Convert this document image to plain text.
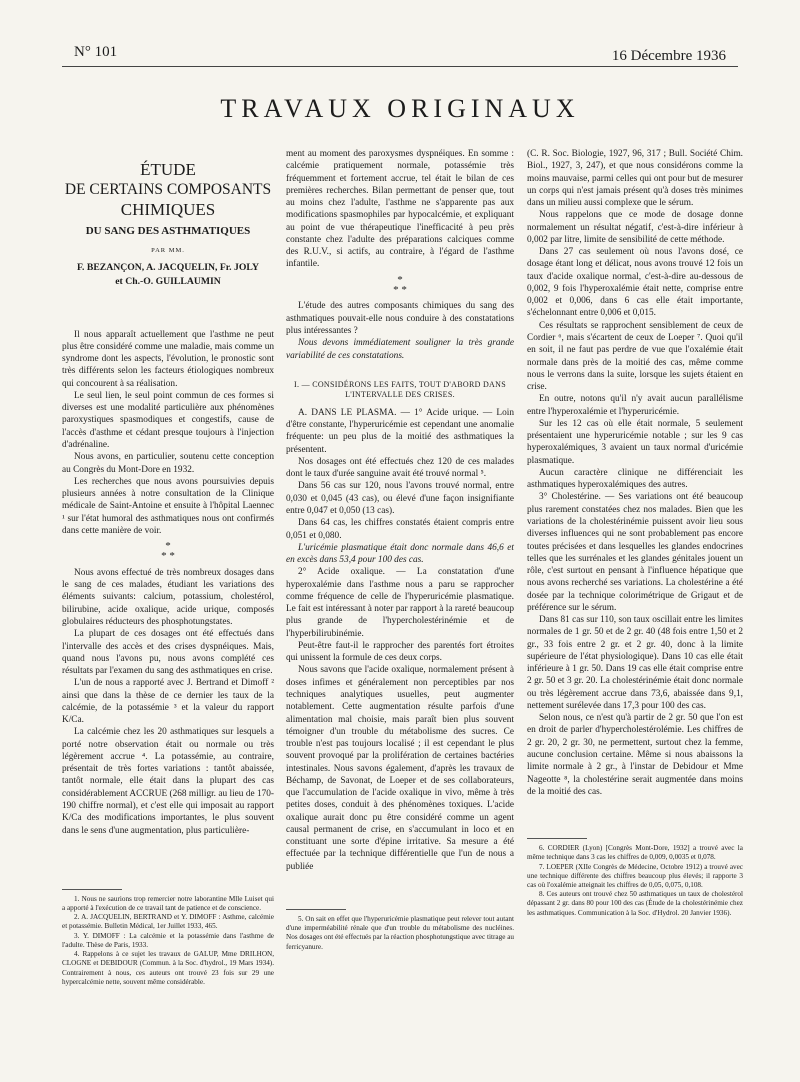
N° 101	16 Décembre 1936
TRAVAUX ORIGINAUX
ÉTUDE
DE CERTAINS COMPOSANTS
CHIMIQUES
DU SANG DES ASTHMATIQUES
PAR MM.
F. BEZANÇON, A. JACQUELIN, Fr. JOLY
et Ch.-O. GUILLAUMIN

Il nous apparaît actuellement que l'asthme ne peut plus être considéré comme une maladie, mais comme un syndrome dont les aspects, l'évolution, le pronostic sont très différents selon les facteurs étiologiques nombreux qui concourent à sa réalisation.

Le seul lien, le seul point commun de ces formes si diverses est une modalité particulière aux phénomènes paroxystiques spasmodiques et congestifs, cause de l'accès d'asthme et cédant presque toujours à l'injection d'adrénaline.

Nous avons, en particulier, soutenu cette conception au Congrès du Mont-Dore en 1932.

Les recherches que nous avons poursuivies depuis plusieurs années à notre consultation de la Clinique médicale de Saint-Antoine et ensuite à l'hôpital Laennec ¹ sur l'état humoral des asthmatiques nous ont confirmés dans cette manière de voir.

*
* *

Nous avons effectué de très nombreux dosages dans le sang de ces malades, étudiant les variations des éléments suivants: calcium, potassium, cholestérol, bilirubine, acide oxalique, acide urique, composés globulaires réducteurs des phosphotungstates.

La plupart de ces dosages ont été effectués dans l'intervalle des accès et des crises dyspnéiques. Mais, quand nous l'avons pu, nous avons complété ces résultats par l'examen du sang des asthmatiques en crise.

L'un de nous a rapporté avec J. Bertrand et Dimoff ² ainsi que dans la thèse de ce dernier les taux de la calcémie, de la potassémie ³ et la valeur du rapport K/Ca.

La calcémie chez les 20 asthmatiques sur lesquels a porté notre observation était ou normale ou très légèrement accrue ⁴. La potassémie, au contraire, présentait de très fortes variations : tantôt abaissée, tantôt normale, elle était dans la plupart des cas considérablement ACCRUE (268 milligr. au lieu de 170-190 chiffre normal), et c'est elle qui imposait au rapport K/Ca des modifications importantes, le plus souvent dans le sens d'une augmentation, plus particulière-

1. Nous ne saurions trop remercier notre laborantine Mlle Luiset qui a apporté à l'exécution de ce travail tant de patience et de conscience.

2. A. JACQUELIN, BERTRAND et Y. DIMOFF : Asthme, calcémie et potassémie. Bulletin Médical, 1er Juillet 1933, 465.

3. Y. DIMOFF : La calcémie et la potassémie dans l'asthme de l'adulte. Thèse de Paris, 1933.

4. Rappelons à ce sujet les travaux de GALUP, Mme DRILHON, CLOGNE et DEBIDOUR (Commun. à la Soc. d'hydrol., 19 Mars 1934). Contrairement à nous, ces auteurs ont trouvé 23 fois sur 29 une hypercalcémie nette, souvent même considérable.

ment au moment des paroxysmes dyspnéiques. En somme : calcémie pratiquement normale, potassémie très fréquemment et fortement accrue, tel était le bilan de ces premières recherches. Bilan permettant de penser que, tout au moins chez l'adulte, l'asthme ne s'apparente pas aux modifications spasmophiles par hypocalcémie, et expliquant au point de vue thérapeutique l'inefficacité à peu près constante chez l'adulte des préparations calciques comme des R.U.V., si actifs, au contraire, à l'égard de l'asthme infantile.

*
* *

L'étude des autres composants chimiques du sang des asthmatiques pouvait-elle nous conduire à des constatations plus intéressantes ?

Nous devons immédiatement souligner la très grande variabilité de ces constatations.

I. — CONSIDÉRONS LES FAITS, TOUT D'ABORD DANS L'INTERVALLE DES CRISES.

A. DANS LE PLASMA. — 1° Acide urique. — Loin d'être constante, l'hyperuricémie est cependant une anomalie fréquente: un peu plus de la moitié des asthmatiques la présentent.

Nos dosages ont été effectués chez 120 de ces malades dont le taux d'urée sanguine avait été trouvé normal ⁵.

Dans 56 cas sur 120, nous l'avons trouvé normal, entre 0,030 et 0,045 (43 cas), ou élevé d'une façon insignifiante entre 0,047 et 0,050 (13 cas).

Dans 64 cas, les chiffres constatés étaient compris entre 0,051 et 0,080.

L'uricémie plasmatique était donc normale dans 46,6 et en excès dans 53,4 pour 100 des cas.

2° Acide oxalique. — La constatation d'une hyperoxalémie dans l'asthme nous a paru se rapprocher comme fréquence de celle de l'hyperuricémie plasmatique. Le fait est intéressant à noter par rapport à la rareté beaucoup plus grande de l'hypercholestérinémie et de l'hyperbilirubinémie.

Peut-être faut-il le rapprocher des parentés fort étroites qui unissent la formule de ces deux corps.

Nous savons que l'acide oxalique, normalement présent à doses infimes et généralement non perceptibles par nos techniques analytiques usuelles, peut augmenter notablement. Cette augmentation résulte parfois d'une alimentation mal choisie, mais paraît bien plus souvent témoigner d'un trouble du métabolisme des sucres. Ce trouble n'est pas toujours localisé ; il est cependant le plus souvent provoqué par la prolifération de certaines bactéries intestinales. Nous savons également, d'après les travaux de Béchamp, de Savonat, de Loeper et de ses collaborateurs, que l'accumulation de l'acide oxalique in vivo, même à très petites doses, conduit à des phénomènes toxiques. L'acide oxalique aurait donc pu être considéré comme un agent causal permanent de crise, en s'accumulant in loco et en constituant une sorte d'épine irritative. Sa mesure a été effectuée par la technique différentielle que l'un de nous a publiée

5. On sait en effet que l'hyperuricémie plasmatique peut relever tout autant d'une imperméabilité rénale que d'un trouble du métabolisme des nucléines. Nos dosages ont été effectués par la réaction phosphotungstique avec titrage au ferricyanure.

(C. R. Soc. Biologie, 1927, 96, 317 ; Bull. Société Chim. Biol., 1927, 3, 247), et que nous considérons comme la moins mauvaise, parmi celles qui ont pour but de mesurer un corps qui n'est jamais présent qu'à doses très minimes dans un milieu aussi complexe que le sérum.

Nous rappelons que ce mode de dosage donne normalement un résultat négatif, c'est-à-dire inférieur à 0,002 par litre, limite de sensibilité de cette méthode.

Dans 27 cas seulement où nous l'avons dosé, ce dosage étant long et délicat, nous avons trouvé 12 fois un taux d'acide oxalique normal, c'est-à-dire au-dessous de 0,002, 9 fois l'hyperoxalémie était nette, comprise entre 0,002 et 0,006, dans 6 cas elle était importante, s'échelonnant entre 0,006 et 0,015.

Ces résultats se rapprochent sensiblement de ceux de Cordier ⁶, mais s'écartent de ceux de Loeper ⁷. Quoi qu'il en soit, il ne faut pas perdre de vue que l'oxalémie était normale dans près de la moitié des cas, même comme nous le verrons dans la suite, lorsque les sujets étaient en crise.

En outre, notons qu'il n'y avait aucun parallélisme entre l'hyperoxalémie et l'hyperuricémie.

Sur les 12 cas où elle était normale, 5 seulement présentaient une hyperuricémie notable ; sur les 9 cas hyperoxalémiques, 3 avaient un taux normal d'uricémie plasmatique.

Aucun caractère clinique ne différenciait les asthmatiques hyperoxalémiques des autres.

3° Cholestérine. — Ses variations ont été beaucoup plus rarement constatées chez nos malades. Bien que les variations de la cholestérinémie puissent avoir lieu sous diverses influences qui ne sont probablement pas encore toutes précisées et dans lesquelles les glandes endocrines telles que les surrénales et les glandes génitales jouent un rôle, c'est surtout en pensant à l'influence hépatique que nous avons recherché ses variations. La cholestérine a été dosée par la technique colorimétrique de Grigaut et de préférence sur le sérum.

Dans 81 cas sur 110, son taux oscillait entre les limites normales de 1 gr. 50 et de 2 gr. 40 (48 fois entre 1,50 et 2 gr., 33 fois entre 2 gr. et 2 gr. 40, donc à la limite supérieure de l'état physiologique). Dans 10 cas elle était inférieure à 1 gr. 50. Dans 19 cas elle était comprise entre 2 gr. 50 et 3 gr. 20. La cholestérinémie était donc normale ou très légèrement accrue dans 73,6, abaissée dans 9,1, nettement surélevée dans 17,3 pour 100 des cas.

Selon nous, ce n'est qu'à partir de 2 gr. 50 que l'on est en droit de parler d'hypercholestérolémie. Les chiffres de 2 gr. 20, 2 gr. 30, ne permettent, surtout chez la femme, aucune conclusion certaine. Même si nous abaissons la limite normale à 2 gr., à l'instar de Debidour et Mme Nageotte ⁸, la cholestérine serait augmentée dans moins de la moitié des cas.

6. CORDIER (Lyon) [Congrès Mont-Dore, 1932] a trouvé avec la même technique dans 3 cas les chiffres de 0,009, 0,0035 et 0,078.

7. LOEPER (XIIe Congrès de Médecine, Octobre 1912) a trouvé avec une technique différente des chiffres beaucoup plus élevés; il rapporte 3 cas où l'oxalémie atteignait les chiffres de 0,05, 0,075, 0,108.

8. Ces auteurs ont trouvé chez 50 asthmatiques un taux de cholestérol dépassant 2 gr. dans 80 pour 100 des cas (Étude de la cholestérinémie chez les asthmatiques. Communication à la Soc. d'Hydrol. 20 Janvier 1936).
